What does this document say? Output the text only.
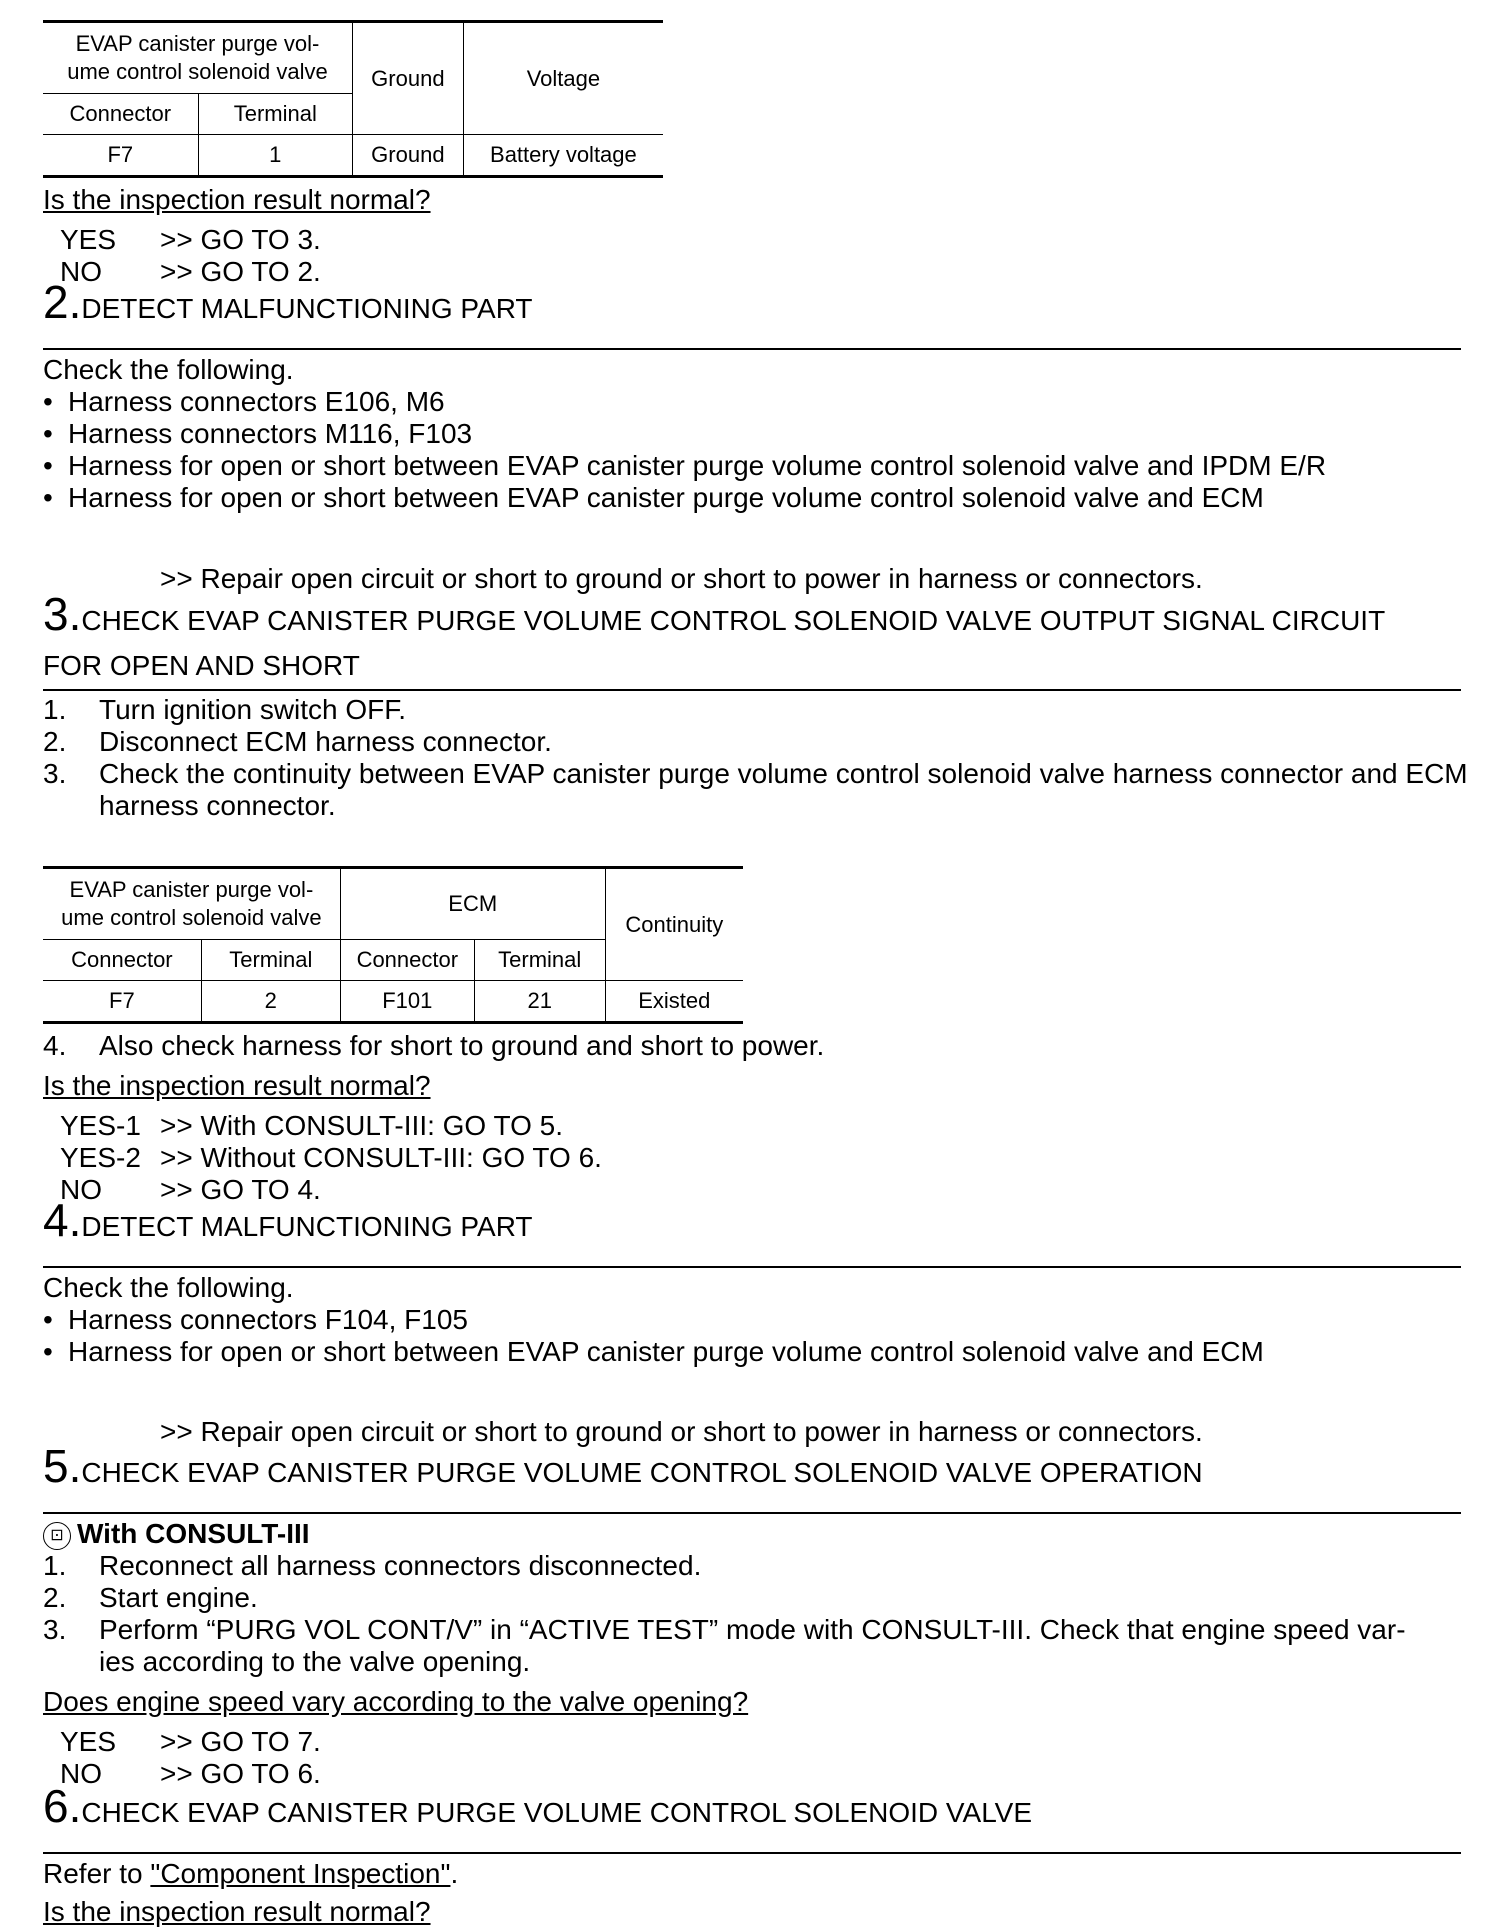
EVAP canister purge vol-
ume control solenoid valve		Ground	Voltage
Connector	Terminal		
F7	1	Ground	Battery voltage
Is the inspection result normal?
YES >> GO TO 3.
NO >> GO TO 2.
2.DETECT MALFUNCTIONING PART
Check the following.
• Harness connectors E106, M6
• Harness connectors M116, F103
• Harness for open or short between EVAP canister purge volume control solenoid valve and IPDM E/R
• Harness for open or short between EVAP canister purge volume control solenoid valve and ECM
>> Repair open circuit or short to ground or short to power in harness or connectors.
3.CHECK EVAP CANISTER PURGE VOLUME CONTROL SOLENOID VALVE OUTPUT SIGNAL CIRCUIT
FOR OPEN AND SHORT
1.	Turn ignition switch OFF.
2.	Disconnect ECM harness connector.
3.	Check the continuity between EVAP canister purge volume control solenoid valve harness connector and ECM harness connector.
EVAP canister purge vol-
ume control solenoid valve		ECM		Continuity
Connector	Terminal	Connector	Terminal	
F7	2	F101	21	Existed
4.	Also check harness for short to ground and short to power.
Is the inspection result normal?
YES-1 >> With CONSULT-III: GO TO 5.
YES-2 >> Without CONSULT-III: GO TO 6.
NO >> GO TO 4.
4.DETECT MALFUNCTIONING PART
Check the following.
• Harness connectors F104, F105
• Harness for open or short between EVAP canister purge volume control solenoid valve and ECM
>> Repair open circuit or short to ground or short to power in harness or connectors.
5.CHECK EVAP CANISTER PURGE VOLUME CONTROL SOLENOID VALVE OPERATION
⊡ With CONSULT-III
1.	Reconnect all harness connectors disconnected.
2.	Start engine.
3.	Perform “PURG VOL CONT/V” in “ACTIVE TEST” mode with CONSULT-III. Check that engine speed var-
ies according to the valve opening.
Does engine speed vary according to the valve opening?
YES >> GO TO 7.
NO >> GO TO 6.
6.CHECK EVAP CANISTER PURGE VOLUME CONTROL SOLENOID VALVE
Refer to "Component Inspection".
Is the inspection result normal?
